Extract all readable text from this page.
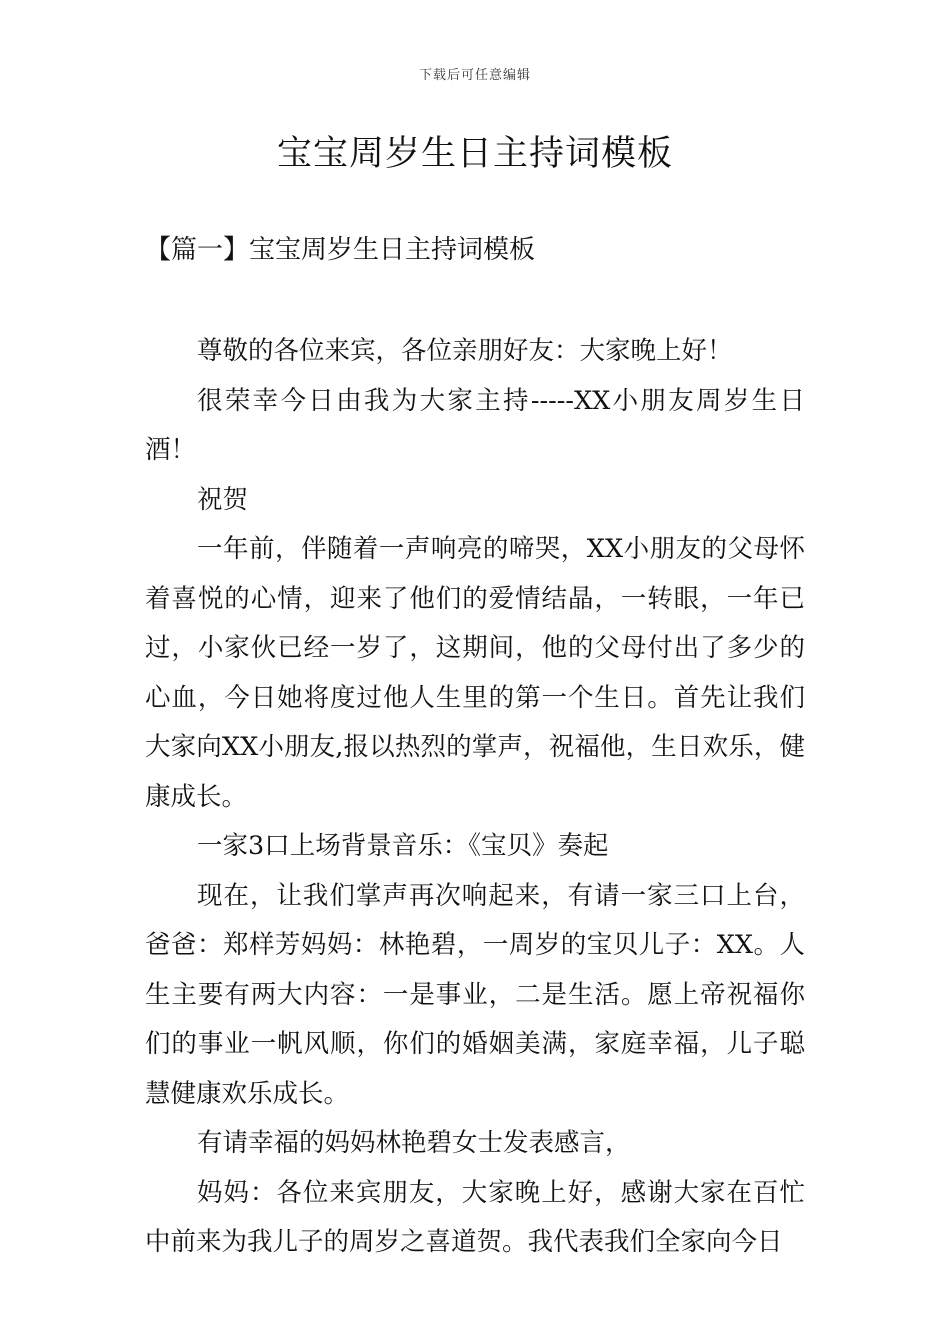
下载后可任意编辑
宝宝周岁生日主持词模板
【篇一】宝宝周岁生日主持词模板

尊敬的各位来宾，各位亲朋好友：大家晚上好！

很荣幸今日由我为大家主持-----XX小朋友周岁生日酒！

祝贺

一年前，伴随着一声响亮的啼哭，XX小朋友的父母怀着喜悦的心情，迎来了他们的爱情结晶，一转眼，一年已过，小家伙已经一岁了，这期间，他的父母付出了多少的心血，今日她将度过他人生里的第一个生日。首先让我们大家向XX小朋友,报以热烈的掌声，祝福他，生日欢乐，健康成长。

一家3口上场背景音乐：《宝贝》奏起

现在，让我们掌声再次响起来，有请一家三口上台，爸爸：郑样芳妈妈：林艳碧，一周岁的宝贝儿子：XX。人生主要有两大内容：一是事业，二是生活。愿上帝祝福你们的事业一帆风顺，你们的婚姻美满，家庭幸福，儿子聪慧健康欢乐成长。

有请幸福的妈妈林艳碧女士发表感言，

妈妈：各位来宾朋友，大家晚上好，感谢大家在百忙中前来为我儿子的周岁之喜道贺。我代表我们全家向今日
